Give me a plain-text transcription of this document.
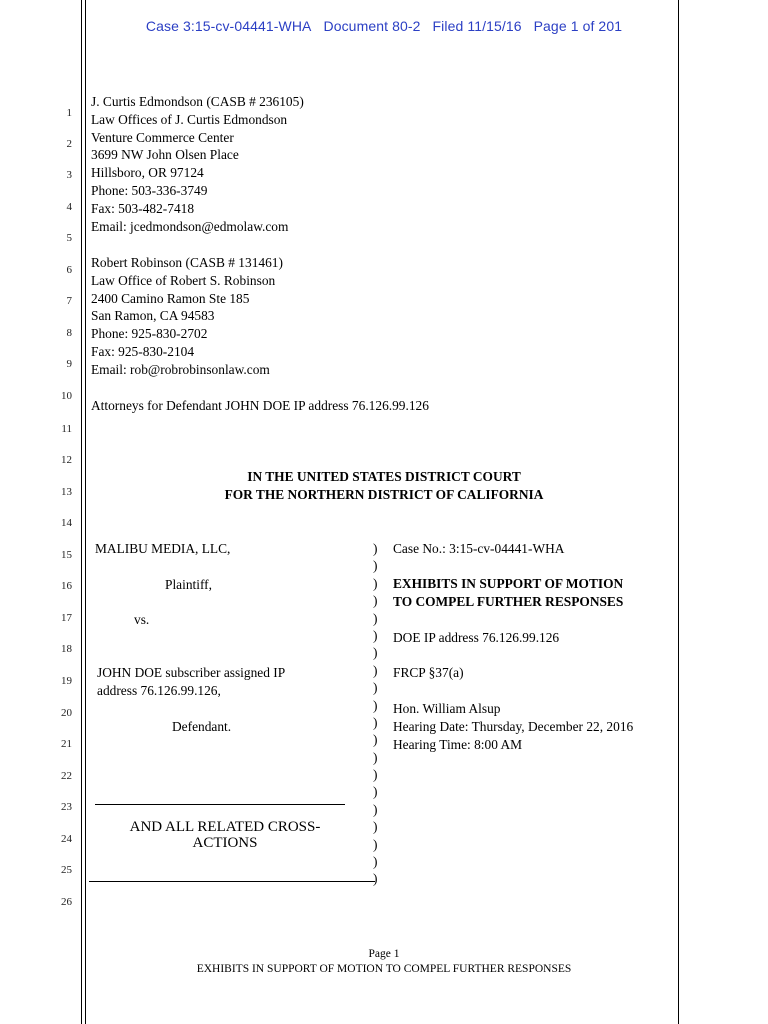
Case 3:15-cv-04441-WHA Document 80-2 Filed 11/15/16 Page 1 of 201
1
2
3
4
5
6
7
8
9
10
11
12
13
14
15
16
17
18
19
20
21
22
23
24
25
26
J. Curtis Edmondson (CASB # 236105)
Law Offices of J. Curtis Edmondson
Venture Commerce Center
3699 NW John Olsen Place
Hillsboro, OR 97124
Phone: 503-336-3749
Fax: 503-482-7418
Email: jcedmondson@edmolaw.com
Robert Robinson (CASB # 131461)
Law Office of Robert S. Robinson
2400 Camino Ramon Ste 185
San Ramon, CA 94583
Phone: 925-830-2702
Fax: 925-830-2104
Email: rob@robrobinsonlaw.com
Attorneys for Defendant JOHN DOE IP address 76.126.99.126
IN THE UNITED STATES DISTRICT COURT
FOR THE NORTHERN DISTRICT OF CALIFORNIA
MALIBU MEDIA, LLC,
Plaintiff,
vs.
JOHN DOE subscriber assigned IP
address 76.126.99.126,
Defendant.
AND ALL RELATED CROSS-
ACTIONS
)
)
)
)
)
)
)
)
)
)
)
)
)
)
)
)
)
)
)
)
Case No.: 3:15-cv-04441-WHA
EXHIBITS IN SUPPORT OF MOTION
TO COMPEL FURTHER RESPONSES
DOE IP address 76.126.99.126
FRCP §37(a)
Hon. William Alsup
Hearing Date: Thursday, December 22, 2016
Hearing Time: 8:00 AM
Page 1
EXHIBITS IN SUPPORT OF MOTION TO COMPEL FURTHER RESPONSES
